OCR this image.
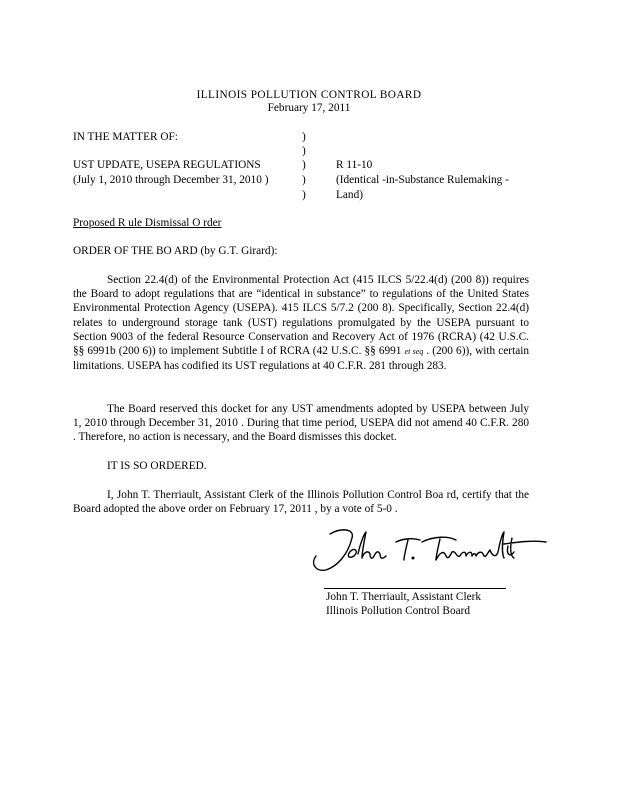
ILLINOIS POLLUTION CONTROL BOARD
February 17, 2011
IN THE MATTER OF:
UST UPDATE, USEPA REGULATIONS
(July 1, 2010 through December 31, 2010 )
)
)
)
)
)
R 11-10
(Identical -in-Substance Rulemaking -
Land)
Proposed R ule Dismissal O rder
ORDER OF THE BO ARD (by G.T. Girard):
Section 22.4(d) of the Environmental Protection Act (415 ILCS 5/22.4(d) (200 8)) requires the Board to adopt regulations that are “identical in substance” to regulations of the United States Environmental Protection Agency (USEPA). 415 ILCS 5/7.2 (200 8). Specifically, Section 22.4(d) relates to underground storage tank (UST) regulations promulgated by the USEPA pursuant to Section 9003 of the federal Resource Conservation and Recovery Act of 1976 (RCRA) (42 U.S.C. §§ 6991b (200 6)) to implement Subtitle I of RCRA (42 U.S.C. §§ 6991 et seq . (200 6)), with certain limitations. USEPA has codified its UST regulations at 40 C.F.R. 281 through 283.
The Board reserved this docket for any UST amendments adopted by USEPA between July 1, 2010 through December 31, 2010 . During that time period, USEPA did not amend 40 C.F.R. 280 . Therefore, no action is necessary, and the Board dismisses this docket.
IT IS SO ORDERED.
I, John T. Therriault, Assistant Clerk of the Illinois Pollution Control Boa rd, certify that the Board adopted the above order on February 17, 2011 , by a vote of 5-0 .
John T. Therriault, Assistant Clerk
Illinois Pollution Control Board
